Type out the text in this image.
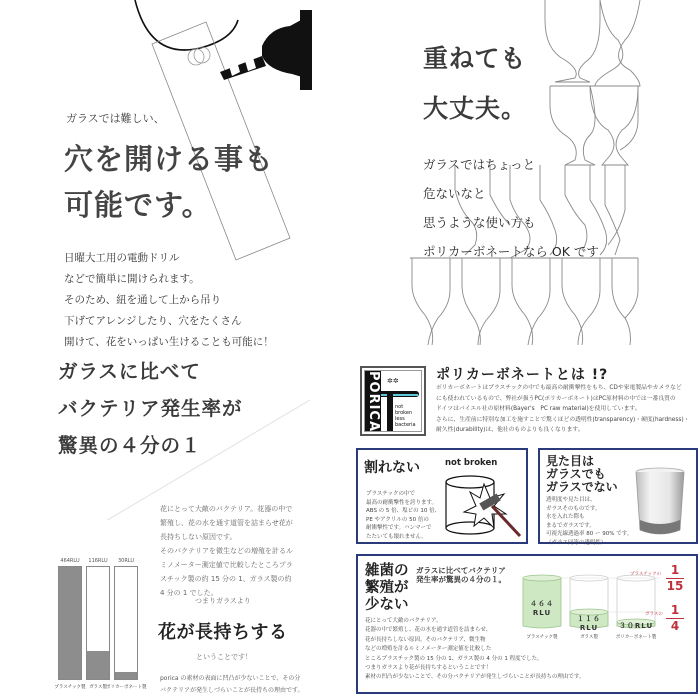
ガラスでは難しい、
穴を開ける事も
可能です。
日曜大工用の電動ドリル
などで簡単に開けられます。
そのため、紐を通して上から吊り
下げてアレンジしたり、穴をたくさん
開けて、花をいっぱい生けることも可能に！
ガラスに比べて
バクテリア発生率が
驚異の４分の１
464RLU
プラスチック製
116RLU
ガラス製
30RLU
ポリカーボネート製
花にとって大敵のバクテリア。花器の中で
繁殖し、花の水を通す道管を詰まらせ花が
長持ちしない原因です。
そのバクテリアを微生などの増殖を計るル
ミノメーター測定値で比較したところプラ
スチック製の約 15 分の 1、ガラス製の約
4 分の 1 でした。
つまりガラスより
花が長持ちする
ということです！
porica の素材の表面に凹凸が少ないことで、その分
バクテリアが発生しづらいことが長持ちの理由です。
重ねても
大丈夫。
ガラスではちょっと
危ないなと
思うような使い方も
ポリカーボネートなら OK です
PORICA ✲✲
not broken
less bacteria
ポリカーボネートとは !?
ポリカーボネートはプラスチックの中でも最高の耐衝撃性をもち、CDや家電製品やカメラなど
にも使われているもので、弊社が扱うPC(ポリカーボネート)はPC原材料の中では一番良質の
ドイツはバイエル社の原材料(Bayer's　PC raw material)を使用しています。
さらに、生産前に特別な加工を施すことで驚くほどの透明性(transparency)・硬度(hardness)・
耐久性(durability)は、他社のものよりも良くなります。
割れない	not broken
プラスチックの中で
最高の耐衝撃性を誇ります。
ABS の 5 倍、塩ビの 10 倍、
PE やアクリルの 50 倍の
耐衝撃性です。ハンマーで
たたいても壊れません。
見た目は
ガラスでも
ガラスでない
透明度や見た目は、
ガラスそのものです。
水を入れた際も
まるでガラスです。
可視光線透過率 80 ー 90% です。
（ガラス同等の透明性）
雑菌の
繁殖が
少ない
ガラスに比べてバクテリア
発生率が驚異の４分の１。
花にとって大敵のバクテリア。
花器の中で繁殖し、花の水を通す道管を詰まらせ、
花が長持ちしない原因。そのバクテリア、微生物
などの増殖を計るルミノメーター測定値を比較した
ところプラスチック製の 15 分の 1、ガラス製の 4 分の 1 程度でした。
つまりガラスより花が長持ちするということです！
素材の凹凸が少ないことで、その分バクテリアが発生しづらいことが長持ちの理由です。
４６４RLU
１１６RLU	３０RLU
プラスチック製	ガラス製	ポリカーボネート製
プラスチックの 1
15
ガラスの 1
4
